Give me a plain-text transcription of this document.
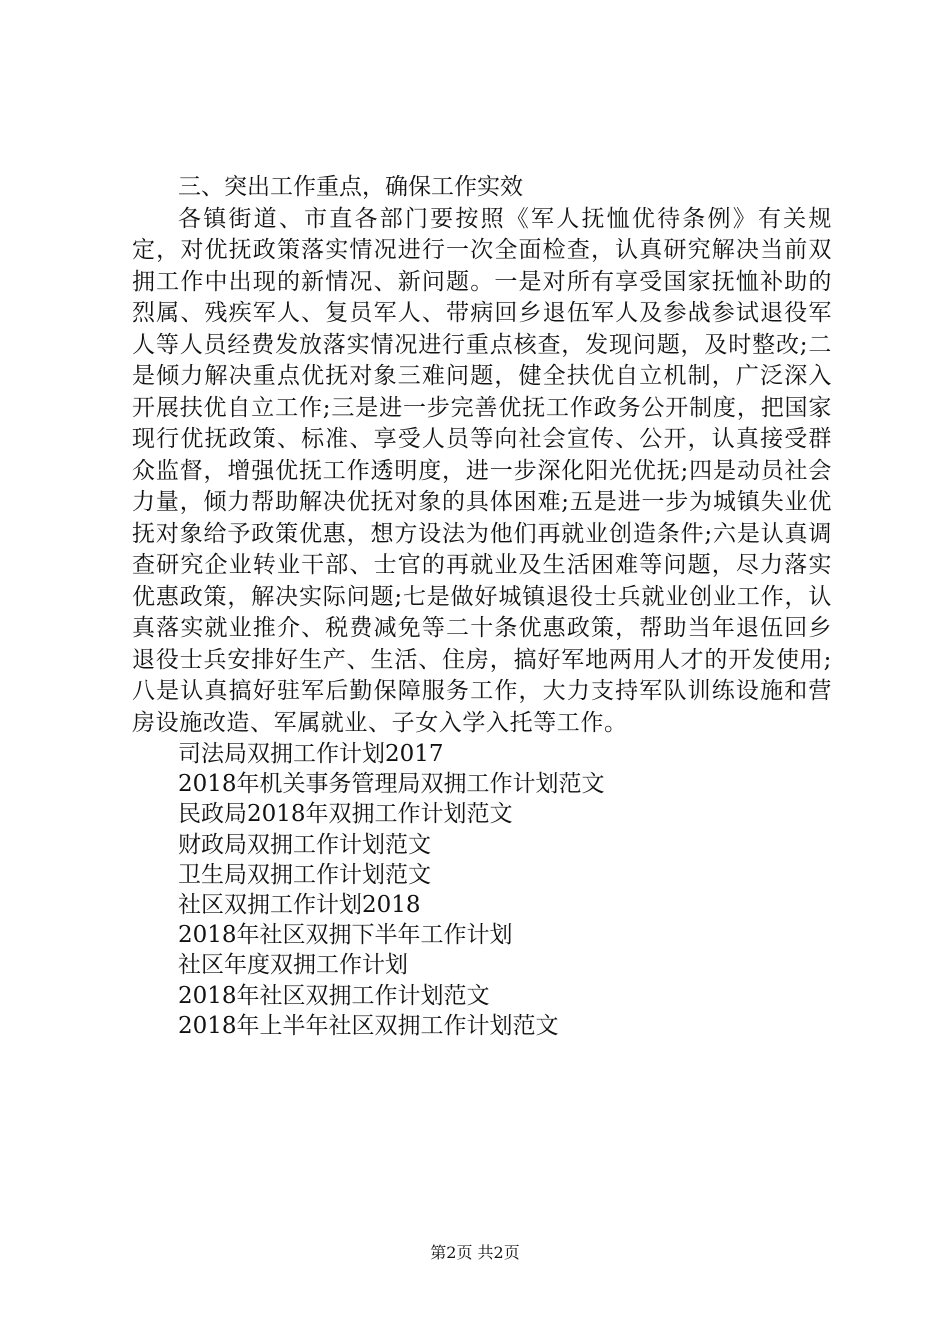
三、突出工作重点，确保工作实效

各镇街道、市直各部门要按照《军人抚恤优待条例》有关规定，对优抚政策落实情况进行一次全面检查，认真研究解决当前双拥工作中出现的新情况、新问题。一是对所有享受国家抚恤补助的烈属、残疾军人、复员军人、带病回乡退伍军人及参战参试退役军人等人员经费发放落实情况进行重点核查，发现问题，及时整改;二是倾力解决重点优抚对象三难问题，健全扶优自立机制，广泛深入开展扶优自立工作;三是进一步完善优抚工作政务公开制度，把国家现行优抚政策、标准、享受人员等向社会宣传、公开，认真接受群众监督，增强优抚工作透明度，进一步深化阳光优抚;四是动员社会力量，倾力帮助解决优抚对象的具体困难;五是进一步为城镇失业优抚对象给予政策优惠，想方设法为他们再就业创造条件;六是认真调查研究企业转业干部、士官的再就业及生活困难等问题，尽力落实优惠政策，解决实际问题;七是做好城镇退役士兵就业创业工作，认真落实就业推介、税费减免等二十条优惠政策，帮助当年退伍回乡退役士兵安排好生产、生活、住房，搞好军地两用人才的开发使用;八是认真搞好驻军后勤保障服务工作，大力支持军队训练设施和营房设施改造、军属就业、子女入学入托等工作。

司法局双拥工作计划2017
2018年机关事务管理局双拥工作计划范文
民政局2018年双拥工作计划范文
财政局双拥工作计划范文
卫生局双拥工作计划范文
社区双拥工作计划2018
2018年社区双拥下半年工作计划
社区年度双拥工作计划
2018年社区双拥工作计划范文
2018年上半年社区双拥工作计划范文
第2页 共2页
